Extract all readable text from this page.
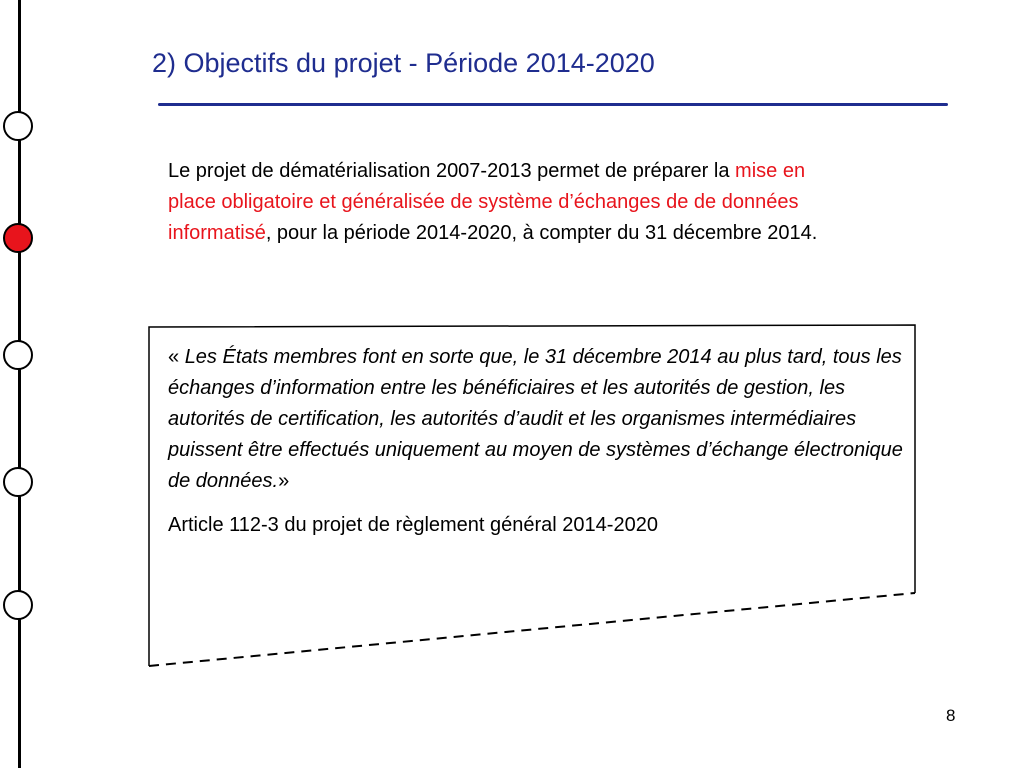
2) Objectifs du projet - Période 2014-2020
Le projet de dématérialisation 2007-2013 permet de préparer la mise en place obligatoire et généralisée de système d’échanges de de données informatisé, pour la période 2014-2020, à compter du 31 décembre 2014.

« Les États membres font en sorte que, le 31 décembre 2014 au plus tard, tous les échanges d’information entre les bénéficiaires et les autorités de gestion, les autorités de certification, les autorités d’audit et les organismes intermédiaires puissent être effectués uniquement au moyen de systèmes d’échange électronique de données.»

Article 112-3 du projet de règlement général 2014-2020

8
